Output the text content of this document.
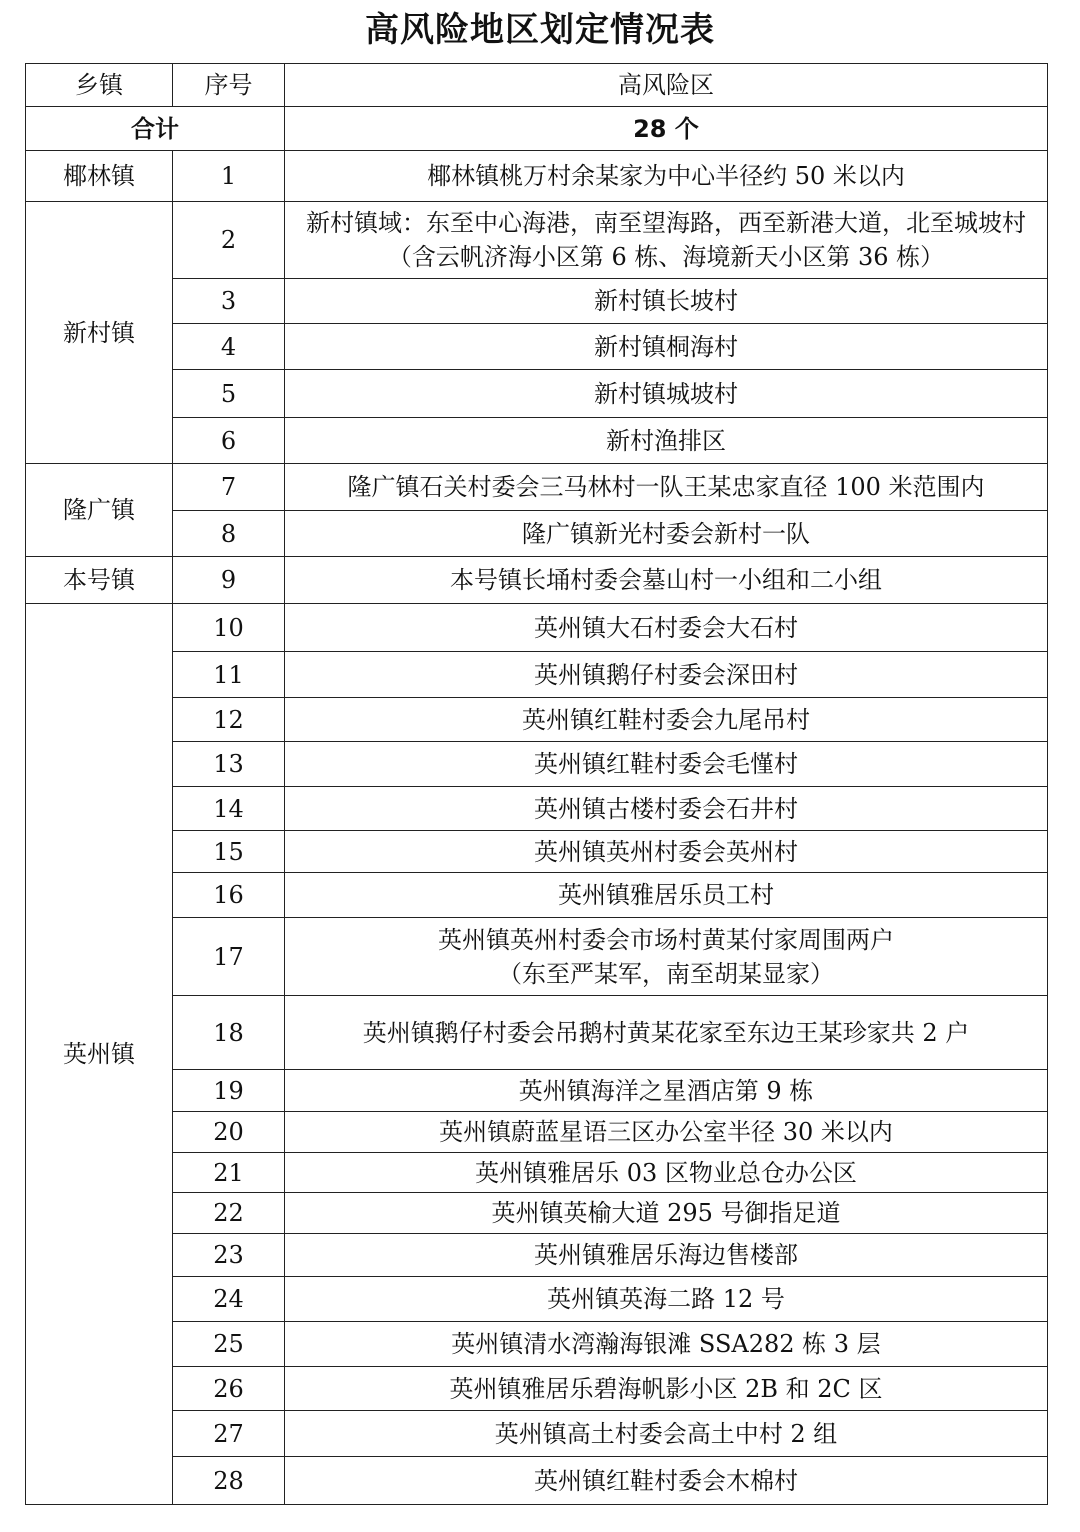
高风险地区划定情况表
乡镇	序号	高风险区
合计		28 个
椰林镇	1	椰林镇桃万村余某家为中心半径约 50 米以内
新村镇	2	新村镇域：东至中心海港，南至望海路，西至新港大道，北至城坡村（含云帆济海小区第 6 栋、海境新天小区第 36 栋）
	3	新村镇长坡村
	4	新村镇桐海村
	5	新村镇城坡村
	6	新村渔排区
隆广镇	7	隆广镇石关村委会三马林村一队王某忠家直径 100 米范围内
	8	隆广镇新光村委会新村一队
本号镇	9	本号镇长埇村委会墓山村一小组和二小组
英州镇	10	英州镇大石村委会大石村
	11	英州镇鹅仔村委会深田村
	12	英州镇红鞋村委会九尾吊村
	13	英州镇红鞋村委会毛慬村
	14	英州镇古楼村委会石井村
	15	英州镇英州村委会英州村
	16	英州镇雅居乐员工村
	17	英州镇英州村委会市场村黄某付家周围两户（东至严某军，南至胡某显家）
	18	英州镇鹅仔村委会吊鹅村黄某花家至东边王某珍家共 2 户
	19	英州镇海洋之星酒店第 9 栋
	20	英州镇蔚蓝星语三区办公室半径 30 米以内
	21	英州镇雅居乐 03 区物业总仓办公区
	22	英州镇英榆大道 295 号御指足道
	23	英州镇雅居乐海边售楼部
	24	英州镇英海二路 12 号
	25	英州镇清水湾瀚海银滩 SSA282 栋 3 层
	26	英州镇雅居乐碧海帆影小区 2B 和 2C 区
	27	英州镇高土村委会高土中村 2 组
	28	英州镇红鞋村委会木棉村
